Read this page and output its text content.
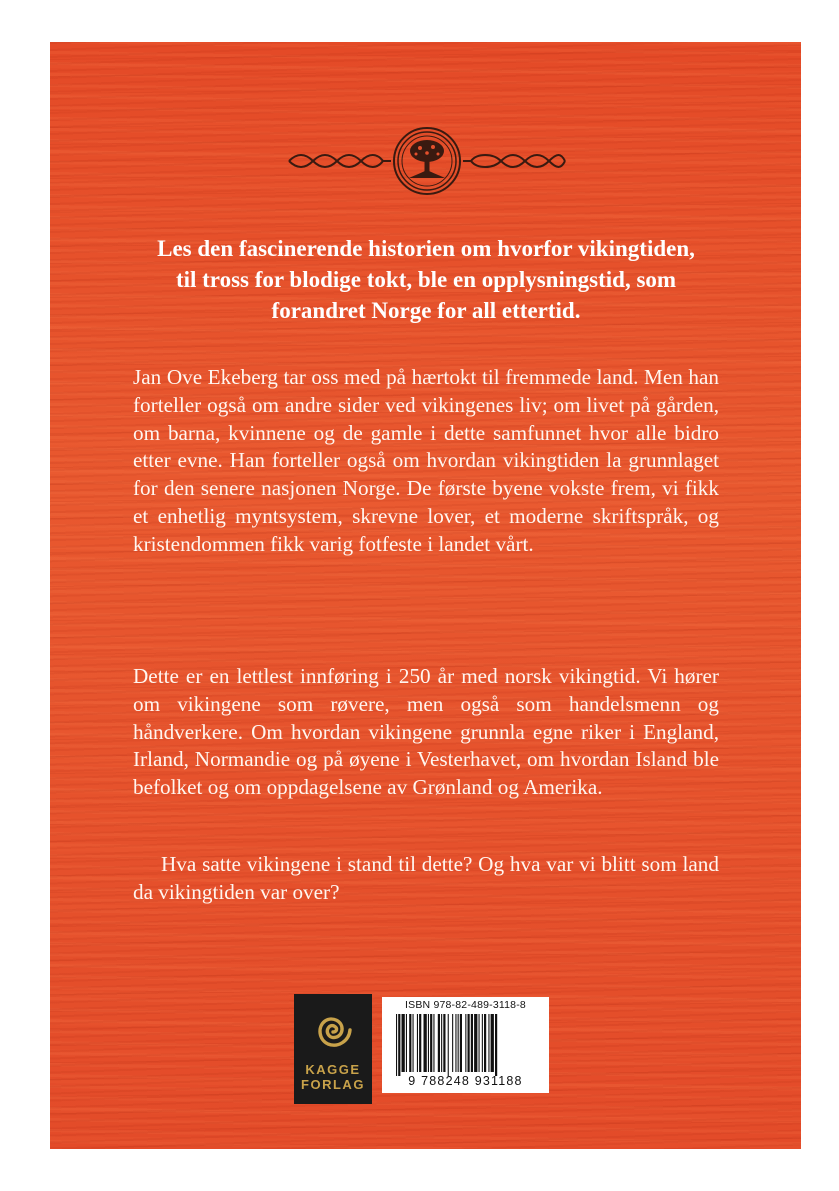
Les den fascinerende historien om hvorfor vikingtiden, til tross for blodige tokt, ble en opplysningstid, som forandret Norge for all ettertid.
Jan Ove Ekeberg tar oss med på hærtokt til fremmede land. Men han forteller også om andre sider ved vikingenes liv; om livet på gården, om barna, kvinnene og de gamle i dette samfunnet hvor alle bidro etter evne. Han forteller også om hvordan vikingtiden la grunnlaget for den senere nasjonen Norge. De første byene vokste frem, vi fikk et enhetlig myntsystem, skrevne lover, et moderne skriftspråk, og kristendommen fikk varig fotfeste i landet vårt.
Dette er en lettlest innføring i 250 år med norsk vikingtid. Vi hører om vikingene som røvere, men også som handelsmenn og håndverkere. Om hvordan vikingene grunnla egne riker i England, Irland, Normandie og på øyene i Vesterhavet, om hvordan Island ble befolket og om oppdagelsene av Grønland og Amerika.
Hva satte vikingene i stand til dette? Og hva var vi blitt som land da vikingtiden var over?
KAGGE
FORLAG
ISBN 978-82-489-3118-8
9 788248 931188
